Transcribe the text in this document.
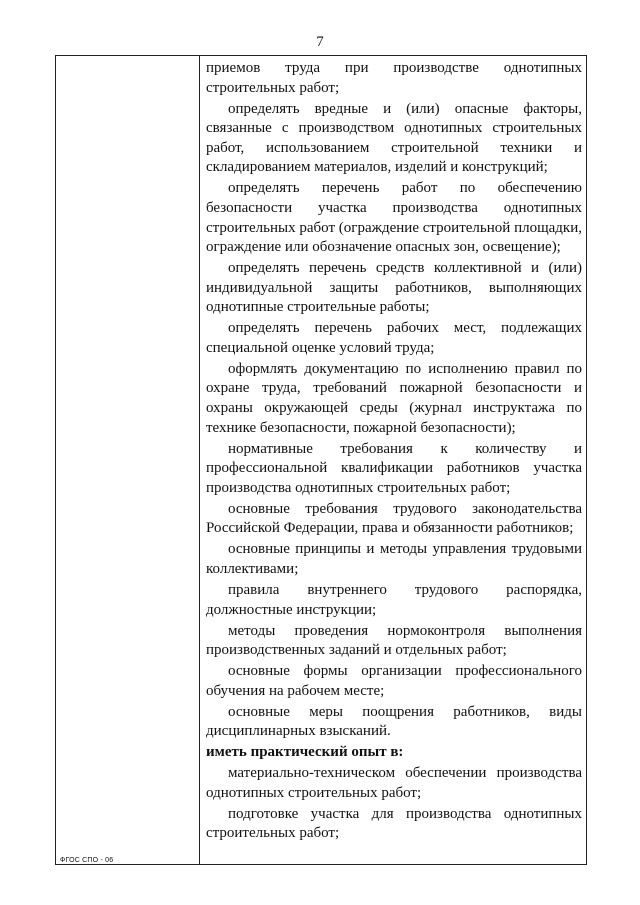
7

приемов труда при производстве однотипных строительных работ;

определять вредные и (или) опасные факторы, связанные с производством однотипных строительных работ, использованием строительной техники и складированием материалов, изделий и конструкций;

определять перечень работ по обеспечению безопасности участка производства однотипных строительных работ (ограждение строительной площадки, ограждение или обозначение опасных зон, освещение);

определять перечень средств коллективной и (или) индивидуальной защиты работников, выполняющих однотипные строительные работы;

определять перечень рабочих мест, подлежащих специальной оценке условий труда;

оформлять документацию по исполнению правил по охране труда, требований пожарной безопасности и охраны окружающей среды (журнал инструктажа по технике безопасности, пожарной безопасности);

нормативные требования к количеству и профессиональной квалификации работников участка производства однотипных строительных работ;

основные требования трудового законодательства Российской Федерации, права и обязанности работников;

основные принципы и методы управления трудовыми коллективами;

правила внутреннего трудового распорядка, должностные инструкции;

методы проведения нормоконтроля выполнения производственных заданий и отдельных работ;

основные формы организации профессионального обучения на рабочем месте;

основные меры поощрения работников, виды дисциплинарных взысканий.

иметь практический опыт в:

материально-техническом обеспечении производства однотипных строительных работ;

подготовке участка для производства однотипных строительных работ;

ФГОС СПО - 06
